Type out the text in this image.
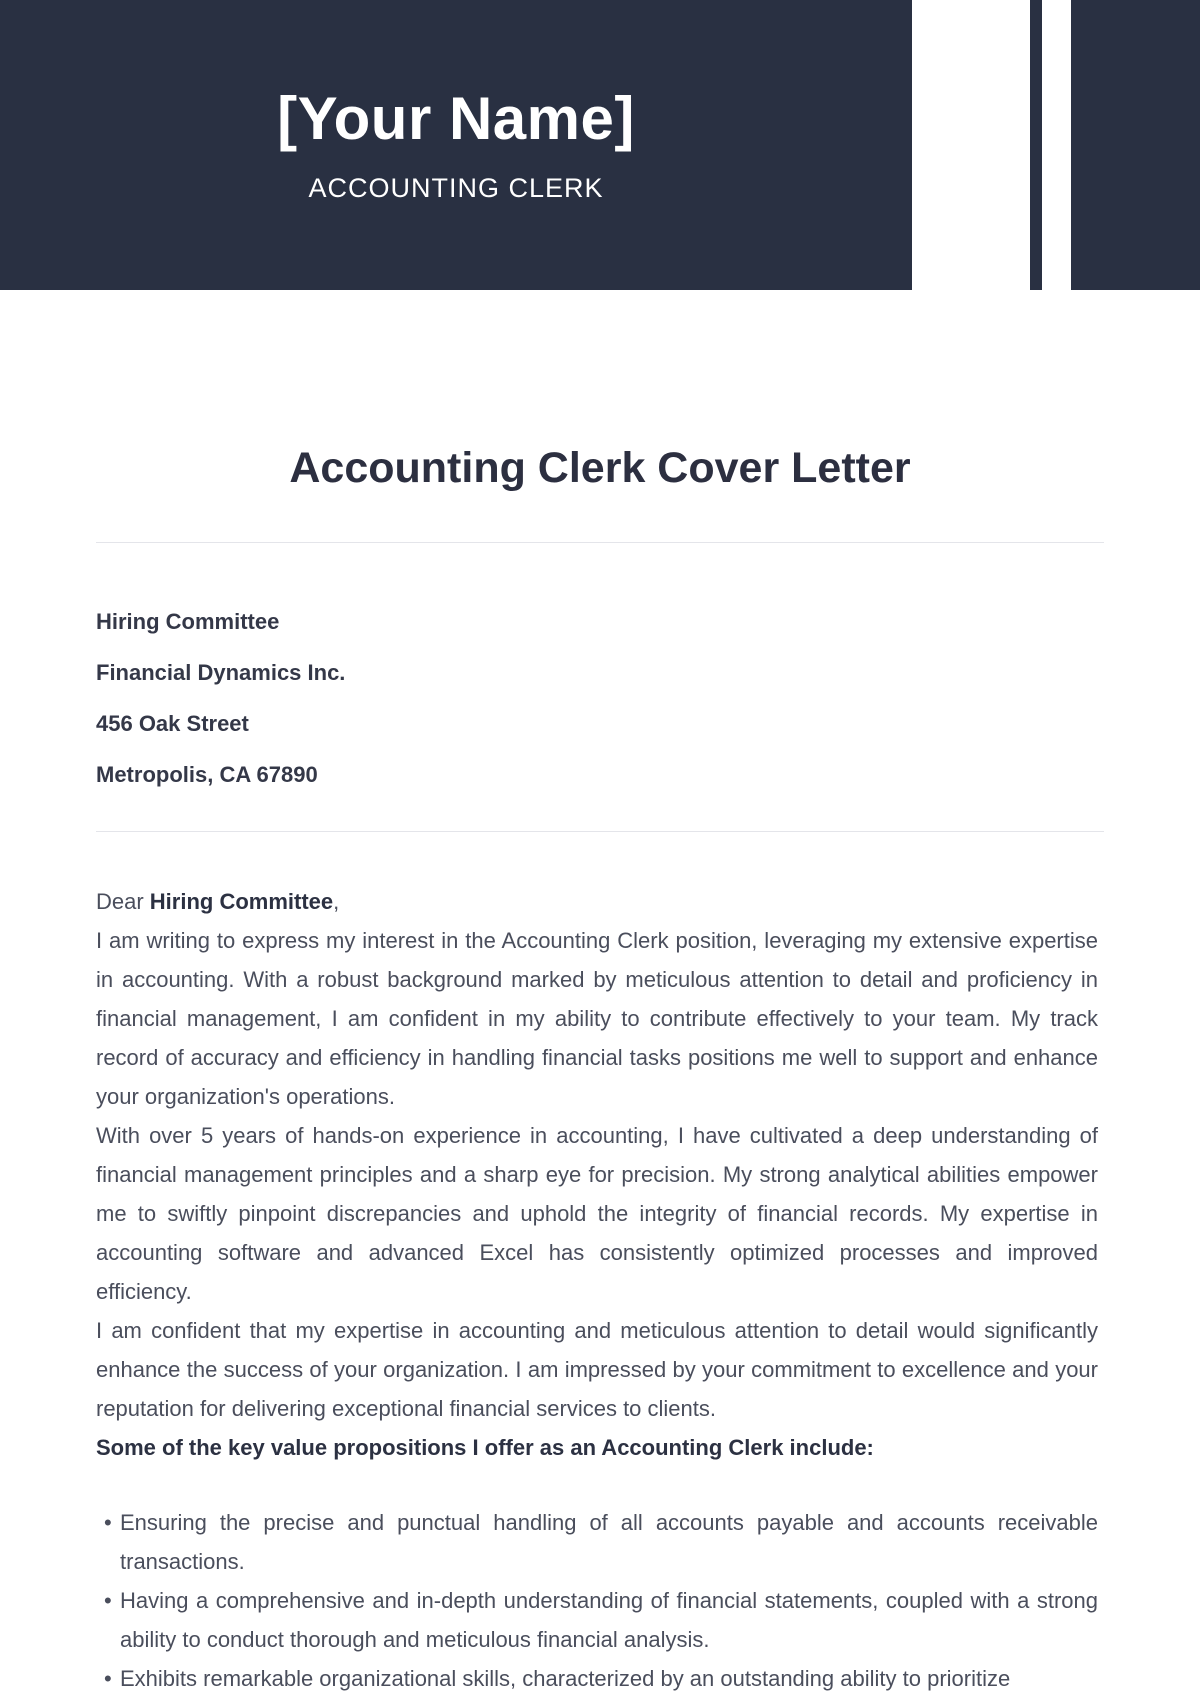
[Your Name]
ACCOUNTING CLERK
Accounting Clerk Cover Letter

Hiring Committee

Financial Dynamics Inc.

456 Oak Street

Metropolis, CA 67890

Dear Hiring Committee,

I am writing to express my interest in the Accounting Clerk position, leveraging my extensive expertise in accounting. With a robust background marked by meticulous attention to detail and proficiency in financial management, I am confident in my ability to contribute effectively to your team. My track record of accuracy and efficiency in handling financial tasks positions me well to support and enhance your organization's operations.

With over 5 years of hands-on experience in accounting, I have cultivated a deep understanding of financial management principles and a sharp eye for precision. My strong analytical abilities empower me to swiftly pinpoint discrepancies and uphold the integrity of financial records. My expertise in accounting software and advanced Excel has consistently optimized processes and improved efficiency.

I am confident that my expertise in accounting and meticulous attention to detail would significantly enhance the success of your organization. I am impressed by your commitment to excellence and your reputation for delivering exceptional financial services to clients.

Some of the key value propositions I offer as an Accounting Clerk include:

• Ensuring the precise and punctual handling of all accounts payable and accounts receivable transactions.
• Having a comprehensive and in-depth understanding of financial statements, coupled with a strong ability to conduct thorough and meticulous financial analysis.
• Exhibits remarkable organizational skills, characterized by an outstanding ability to prioritize
